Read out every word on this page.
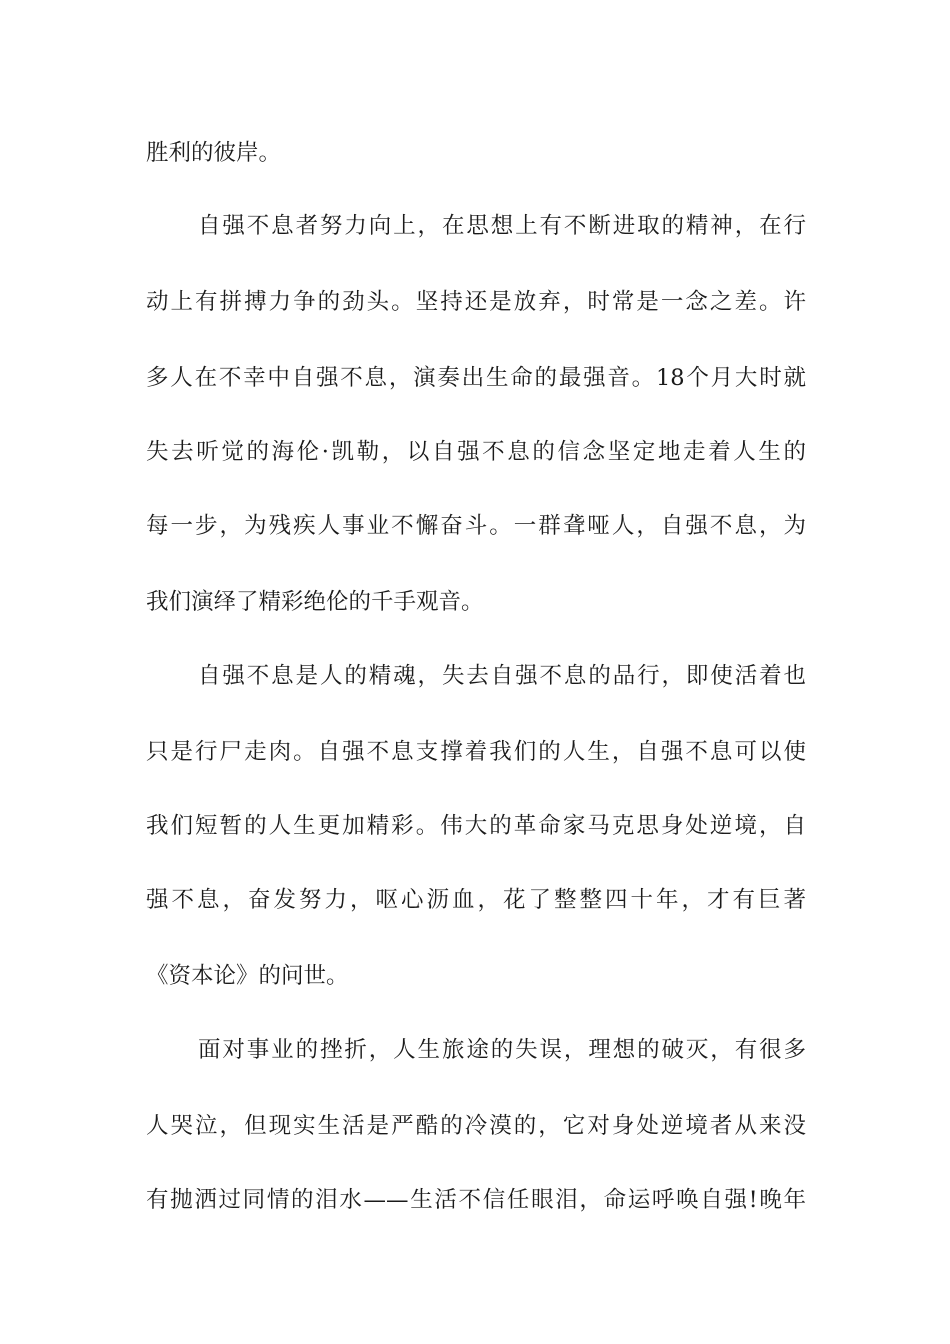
胜利的彼岸。
自强不息者努力向上，在思想上有不断进取的精神，在行
动上有拼搏力争的劲头。坚持还是放弃，时常是一念之差。许
多人在不幸中自强不息，演奏出生命的最强音。18个月大时就
失去听觉的海伦·凯勒，以自强不息的信念坚定地走着人生的
每一步，为残疾人事业不懈奋斗。一群聋哑人，自强不息，为
我们演绎了精彩绝伦的千手观音。
自强不息是人的精魂，失去自强不息的品行，即使活着也
只是行尸走肉。自强不息支撑着我们的人生，自强不息可以使
我们短暂的人生更加精彩。伟大的革命家马克思身处逆境，自
强不息，奋发努力，呕心沥血，花了整整四十年，才有巨著
《资本论》的问世。
面对事业的挫折，人生旅途的失误，理想的破灭，有很多
人哭泣，但现实生活是严酷的冷漠的，它对身处逆境者从来没
有抛洒过同情的泪水——生活不信任眼泪，命运呼唤自强!晚年
